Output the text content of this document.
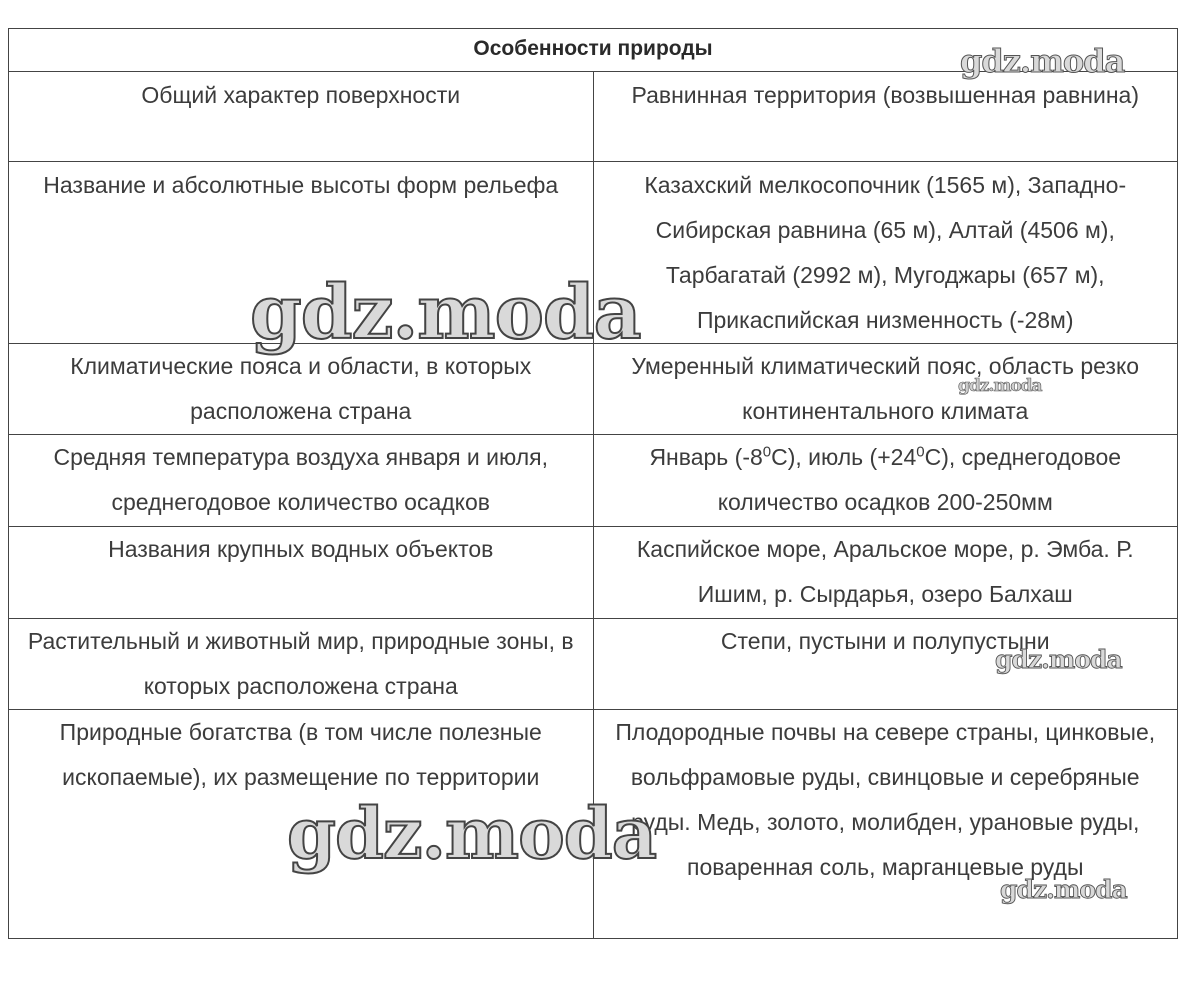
Особенности природы	
Общий характер поверхности	Равнинная территория (возвышенная равнина)
Название и абсолютные высоты форм рельефа	Казахский мелкосопочник (1565 м), Западно-Сибирская равнина (65 м), Алтай (4506 м), Тарбагатай (2992 м), Мугоджары (657 м), Прикаспийская низменность (-28м)
Климатические пояса и области, в которых расположена страна	Умеренный климатический пояс, область резко континентального климата
Средняя температура воздуха января и июля, среднегодовое количество осадков	Январь $(-8^0C)$, июль $(+24^0C)$, среднегодовое количество осадков 200-250мм
Названия крупных водных объектов	Каспийское море, Аральское море, р. Эмба. Р. Ишим, р. Сырдарья, озеро Балхаш
Растительный и животный мир, природные зоны, в которых расположена страна	Степи, пустыни и полупустыни
Природные богатства (в том числе полезные ископаемые), их размещение по территории	Плодородные почвы на севере страны, цинковые, вольфрамовые руды, свинцовые и серебряные руды. Медь, золото, молибден, урановые руды, поваренная соль, марганцевые руды
gdz.moda
gdz.moda
gdz.moda
gdz.moda
gdz.moda
gdz.moda
